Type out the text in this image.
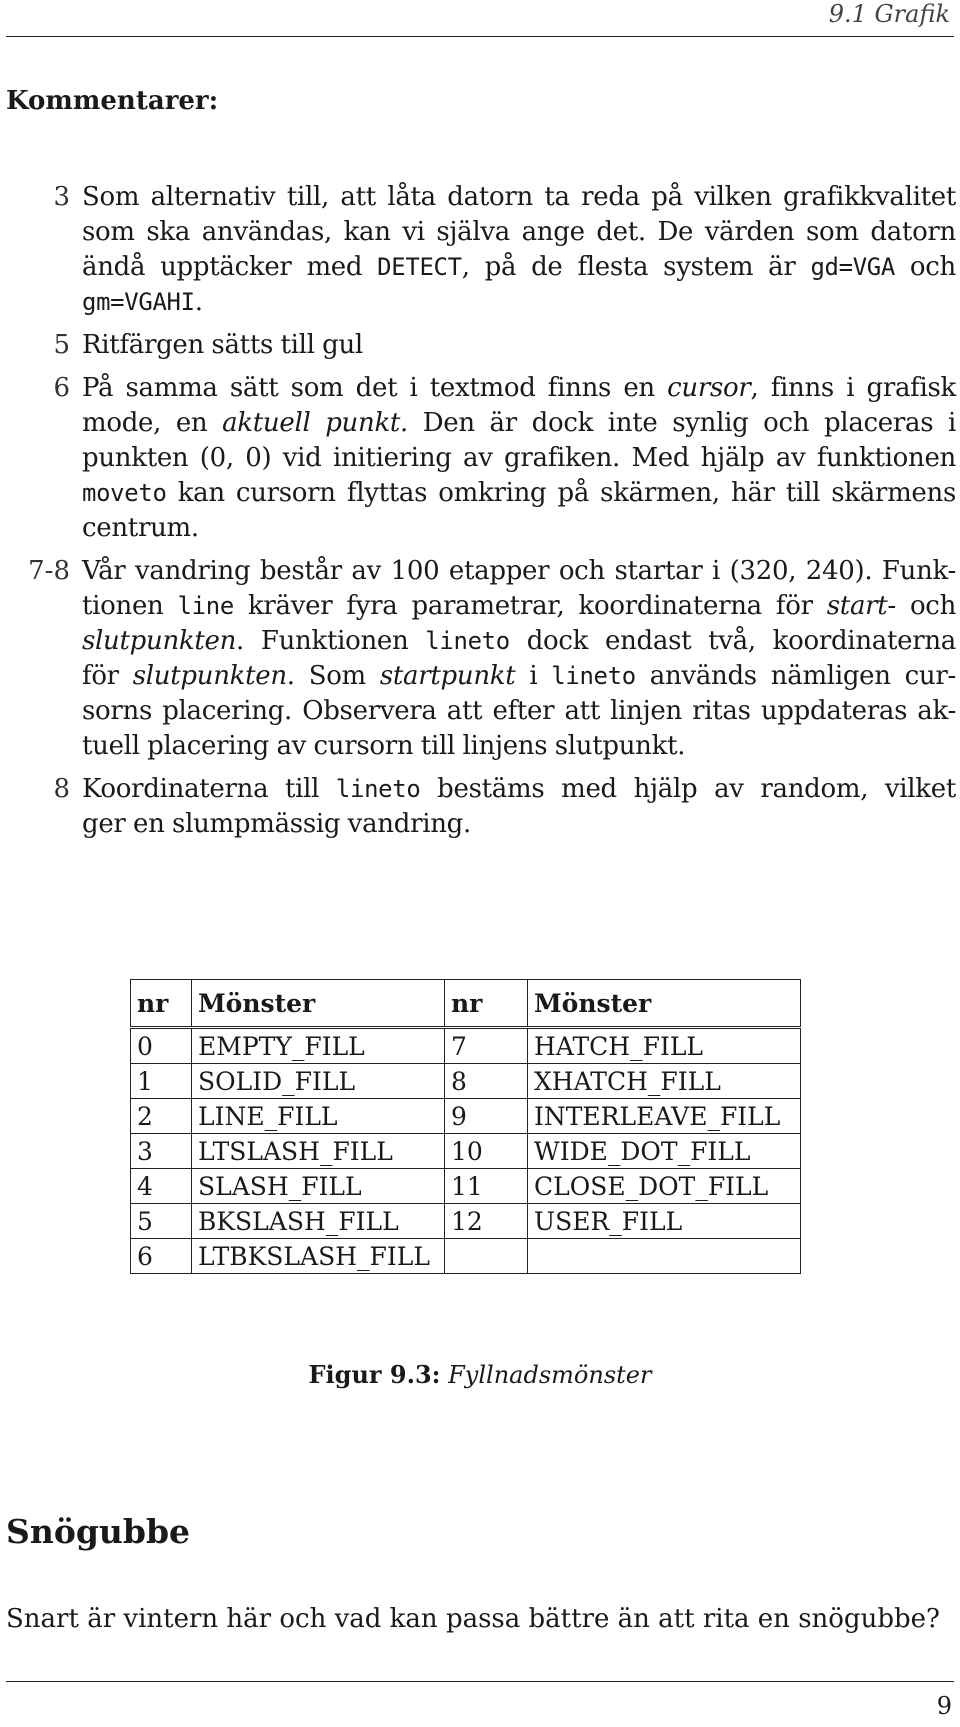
9.1 Grafik
Kommentarer:
3 Som alternativ till, att låta datorn ta reda på vilken grafikkvalitet
som ska användas, kan vi själva ange det. De värden som datorn
ändå upptäcker med DETECT, på de flesta system är gd=VGA och
gm=VGAHI.
5 Ritfärgen sätts till gul
6 På samma sätt som det i textmod finns en cursor, finns i grafisk
mode, en aktuell punkt. Den är dock inte synlig och placeras i
punkten (0, 0) vid initiering av grafiken. Med hjälp av funktionen
moveto kan cursorn flyttas omkring på skärmen, här till skärmens
centrum.
7-8 Vår vandring består av 100 etapper och startar i (320, 240). Funk-
tionen line kräver fyra parametrar, koordinaterna för start- och
slutpunkten. Funktionen lineto dock endast två, koordinaterna
för slutpunkten. Som startpunkt i lineto används nämligen cur-
sorns placering. Observera att efter att linjen ritas uppdateras ak-
tuell placering av cursorn till linjens slutpunkt.
8 Koordinaterna till lineto bestäms med hjälp av random, vilket
ger en slumpmässig vandring.
nr	Mönster	nr	Mönster
0	EMPTY_FILL	7	HATCH_FILL
1	SOLID_FILL	8	XHATCH_FILL
2	LINE_FILL	9	INTERLEAVE_FILL
3	LTSLASH_FILL	10	WIDE_DOT_FILL
4	SLASH_FILL	11	CLOSE_DOT_FILL
5	BKSLASH_FILL	12	USER_FILL
6	LTBKSLASH_FILL		
Figur 9.3: Fyllnadsmönster
Snögubbe
Snart är vintern här och vad kan passa bättre än att rita en snögubbe?
9
